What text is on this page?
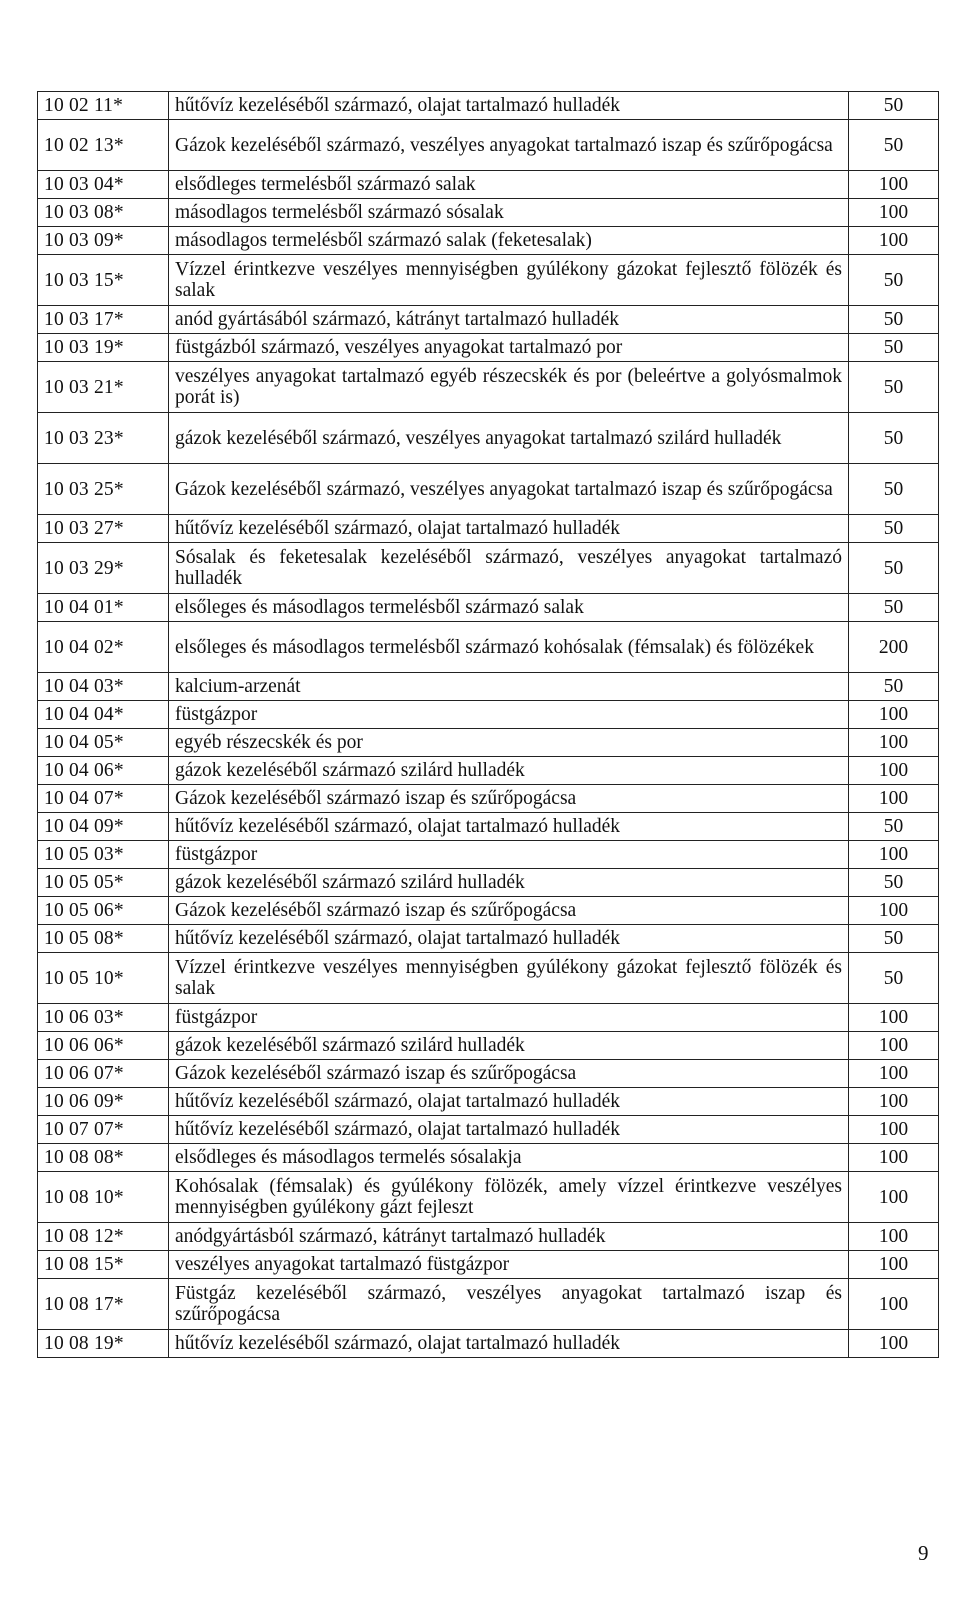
10 02 11*	hűtővíz kezeléséből származó, olajat tartalmazó hulladék	50
10 02 13*	Gázok kezeléséből származó, veszélyes anyagokat tartalmazó iszap és szűrőpogácsa	50
10 03 04*	elsődleges termelésből származó salak	100
10 03 08*	másodlagos termelésből származó sósalak	100
10 03 09*	másodlagos termelésből származó salak (feketesalak)	100
10 03 15*	Vízzel érintkezve veszélyes mennyiségben gyúlékony gázokat fejlesztő fölözék és salak	50
10 03 17*	anód gyártásából származó, kátrányt tartalmazó hulladék	50
10 03 19*	füstgázból származó, veszélyes anyagokat tartalmazó por	50
10 03 21*	veszélyes anyagokat tartalmazó egyéb részecskék és por (beleértve a golyósmalmok porát is)	50
10 03 23*	gázok kezeléséből származó, veszélyes anyagokat tartalmazó szilárd hulladék	50
10 03 25*	Gázok kezeléséből származó, veszélyes anyagokat tartalmazó iszap és szűrőpogácsa	50
10 03 27*	hűtővíz kezeléséből származó, olajat tartalmazó hulladék	50
10 03 29*	Sósalak és feketesalak kezeléséből származó, veszélyes anyagokat tartalmazó hulladék	50
10 04 01*	elsőleges és másodlagos termelésből származó salak	50
10 04 02*	elsőleges és másodlagos termelésből származó kohósalak (fémsalak) és fölözékek	200
10 04 03*	kalcium-arzenát	50
10 04 04*	füstgázpor	100
10 04 05*	egyéb részecskék és por	100
10 04 06*	gázok kezeléséből származó szilárd hulladék	100
10 04 07*	Gázok kezeléséből származó iszap és szűrőpogácsa	100
10 04 09*	hűtővíz kezeléséből származó, olajat tartalmazó hulladék	50
10 05 03*	füstgázpor	100
10 05 05*	gázok kezeléséből származó szilárd hulladék	50
10 05 06*	Gázok kezeléséből származó iszap és szűrőpogácsa	100
10 05 08*	hűtővíz kezeléséből származó, olajat tartalmazó hulladék	50
10 05 10*	Vízzel érintkezve veszélyes mennyiségben gyúlékony gázokat fejlesztő fölözék és salak	50
10 06 03*	füstgázpor	100
10 06 06*	gázok kezeléséből származó szilárd hulladék	100
10 06 07*	Gázok kezeléséből származó iszap és szűrőpogácsa	100
10 06 09*	hűtővíz kezeléséből származó, olajat tartalmazó hulladék	100
10 07 07*	hűtővíz kezeléséből származó, olajat tartalmazó hulladék	100
10 08 08*	elsődleges és másodlagos termelés sósalakja	100
10 08 10*	Kohósalak (fémsalak) és gyúlékony fölözék, amely vízzel érintkezve veszélyes mennyiségben gyúlékony gázt fejleszt	100
10 08 12*	anódgyártásból származó, kátrányt tartalmazó hulladék	100
10 08 15*	veszélyes anyagokat tartalmazó füstgázpor	100
10 08 17*	Füstgáz kezeléséből származó, veszélyes anyagokat tartalmazó iszap és szűrőpogácsa	100
10 08 19*	hűtővíz kezeléséből származó, olajat tartalmazó hulladék	100
9
